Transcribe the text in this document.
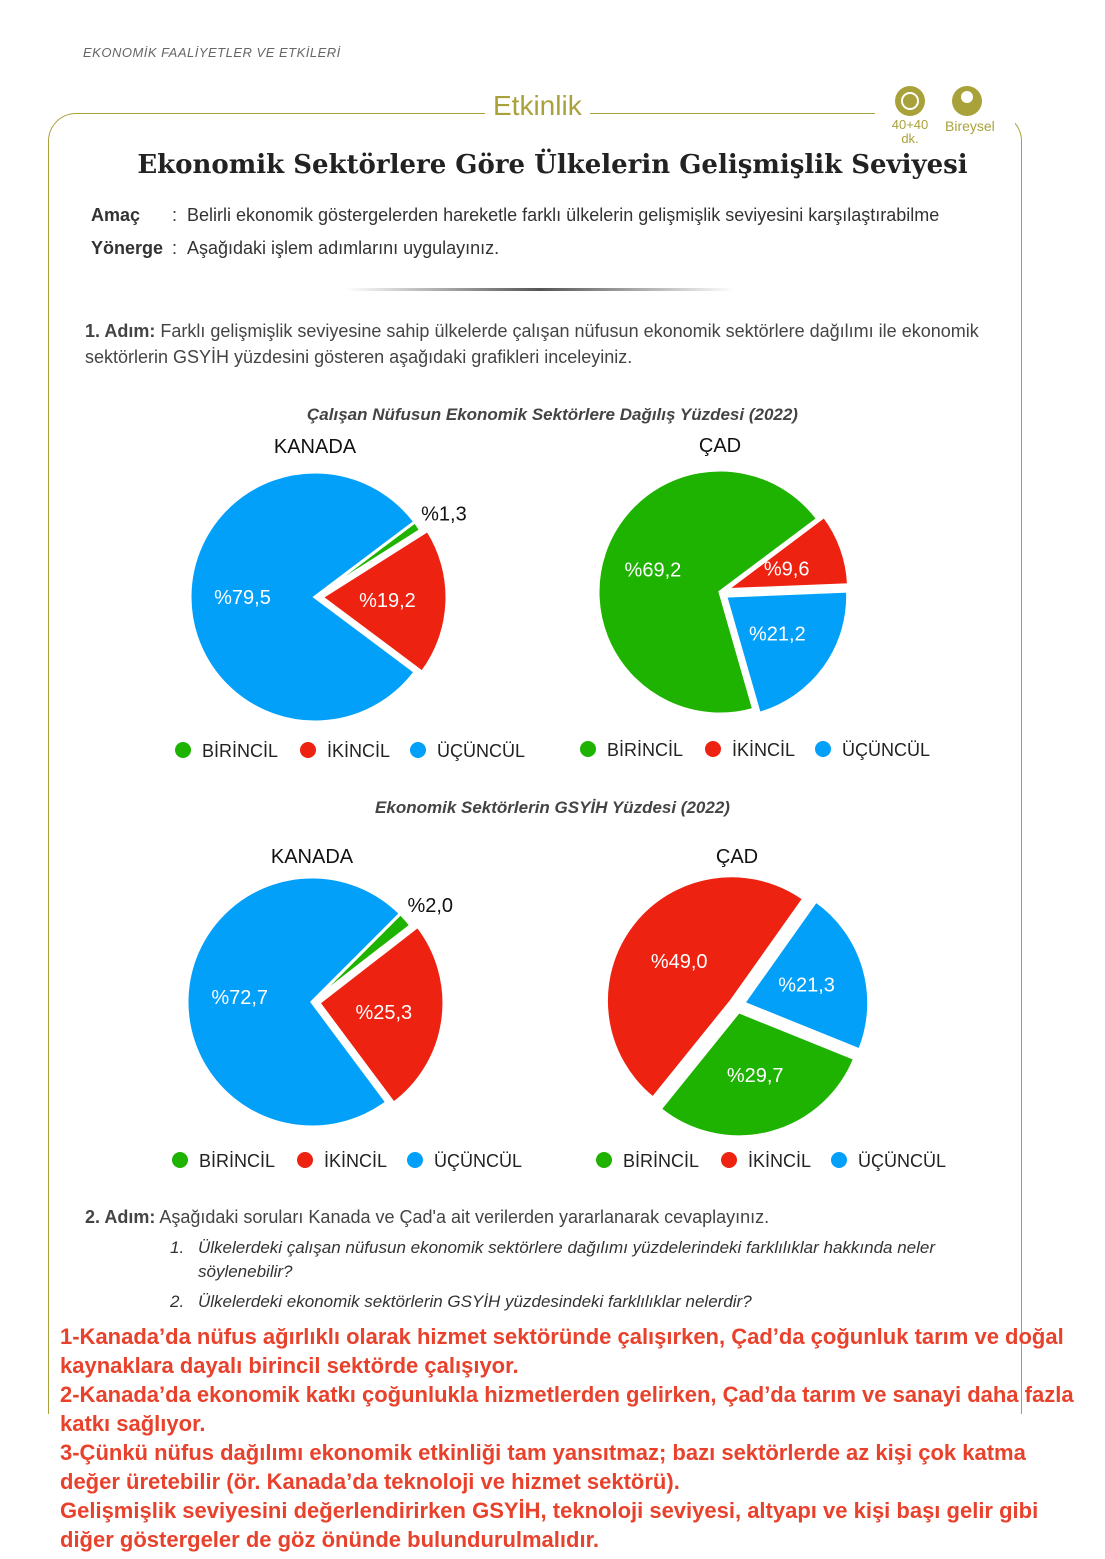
EKONOMİK FAALİYETLER VE ETKİLERİ
Etkinlik
40+40 dk.
Bireysel
Ekonomik Sektörlere Göre Ülkelerin Gelişmişlik Seviyesi
Amaç : Belirli ekonomik göstergelerden hareketle farklı ülkelerin gelişmişlik seviyesini karşılaştırabilme
Yönerge : Aşağıdaki işlem adımlarını uygulayınız.
1. Adım: Farklı gelişmişlik seviyesine sahip ülkelerde çalışan nüfusun ekonomik sektörlere dağılımı ile ekonomik sektörlerin GSYİH yüzdesini gösteren aşağıdaki grafikleri inceleyiniz.
Çalışan Nüfusun Ekonomik Sektörlere Dağılış Yüzdesi (2022)
Ekonomik Sektörlerin GSYİH Yüzdesi (2022)
KANADA
%1,3
%19,2
%79,5
BİRİNCİL	İKİNCİL	ÜÇÜNCÜL
ÇAD
%69,2	%9,6
%21,2
BİRİNCİL	İKİNCİL	ÜÇÜNCÜL
KANADA
%2,0
%25,3
%72,7
BİRİNCİL	İKİNCİL	ÜÇÜNCÜL
ÇAD
%29,7
%49,0
%21,3
BİRİNCİL	İKİNCİL	ÜÇÜNCÜL
2. Adım: Aşağıdaki soruları Kanada ve Çad'a ait verilerden yararlanarak cevaplayınız.
1. Ülkelerdeki çalışan nüfusun ekonomik sektörlere dağılımı yüzdelerindeki farklılıklar hakkında neler söylenebilir?
2. Ülkelerdeki ekonomik sektörlerin GSYİH yüzdesindeki farklılıklar nelerdir?
1-Kanada’da nüfus ağırlıklı olarak hizmet sektöründe çalışırken, Çad’da çoğunluk tarım ve doğal kaynaklara dayalı birincil sektörde çalışıyor.
2-Kanada’da ekonomik katkı çoğunlukla hizmetlerden gelirken, Çad’da tarım ve sanayi daha fazla katkı sağlıyor.
3-Çünkü nüfus dağılımı ekonomik etkinliği tam yansıtmaz; bazı sektörlerde az kişi çok katma değer üretebilir (ör. Kanada’da teknoloji ve hizmet sektörü).
Gelişmişlik seviyesini değerlendirirken GSYİH, teknoloji seviyesi, altyapı ve kişi başı gelir gibi diğer göstergeler de göz önünde bulundurulmalıdır.
